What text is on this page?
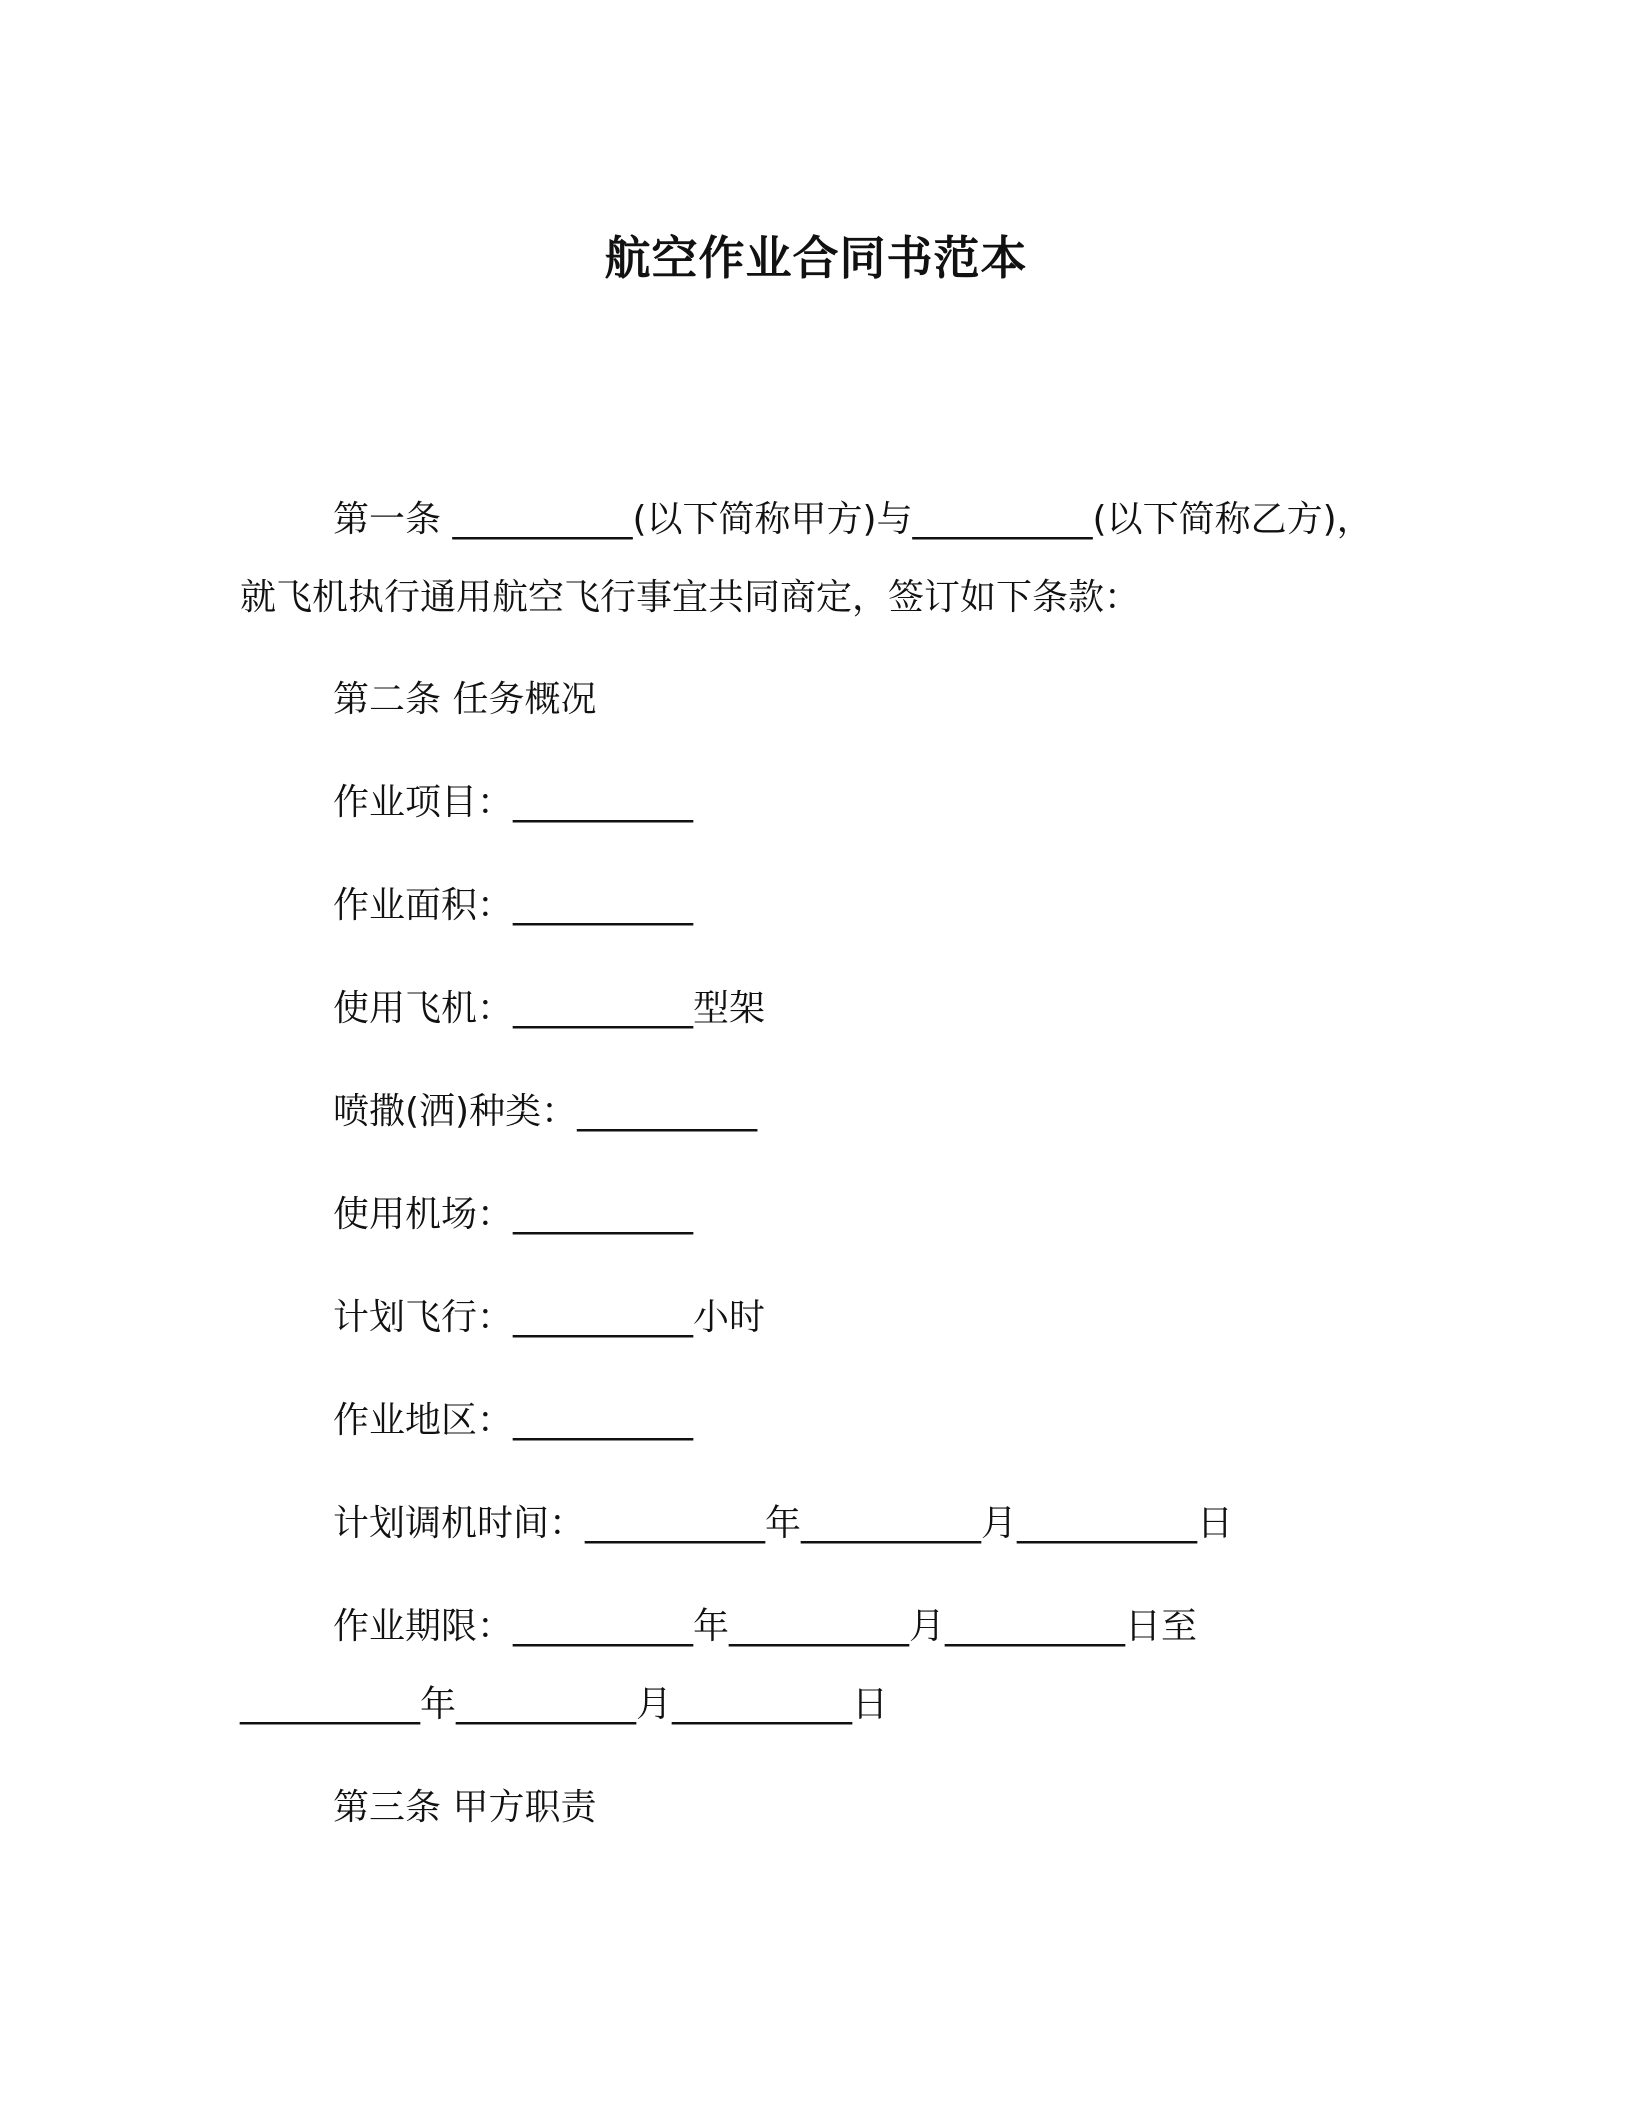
航空作业合同书范本
第一条 __________(以下简称甲方)与__________(以下简称乙方)，
就飞机执行通用航空飞行事宜共同商定，签订如下条款：
第二条 任务概况
作业项目：__________
作业面积：__________
使用飞机：__________型架
喷撒(洒)种类：__________
使用机场：__________
计划飞行：__________小时
作业地区：__________
计划调机时间：__________年__________月__________日
作业期限：__________年__________月__________日至
__________年__________月__________日
第三条 甲方职责
